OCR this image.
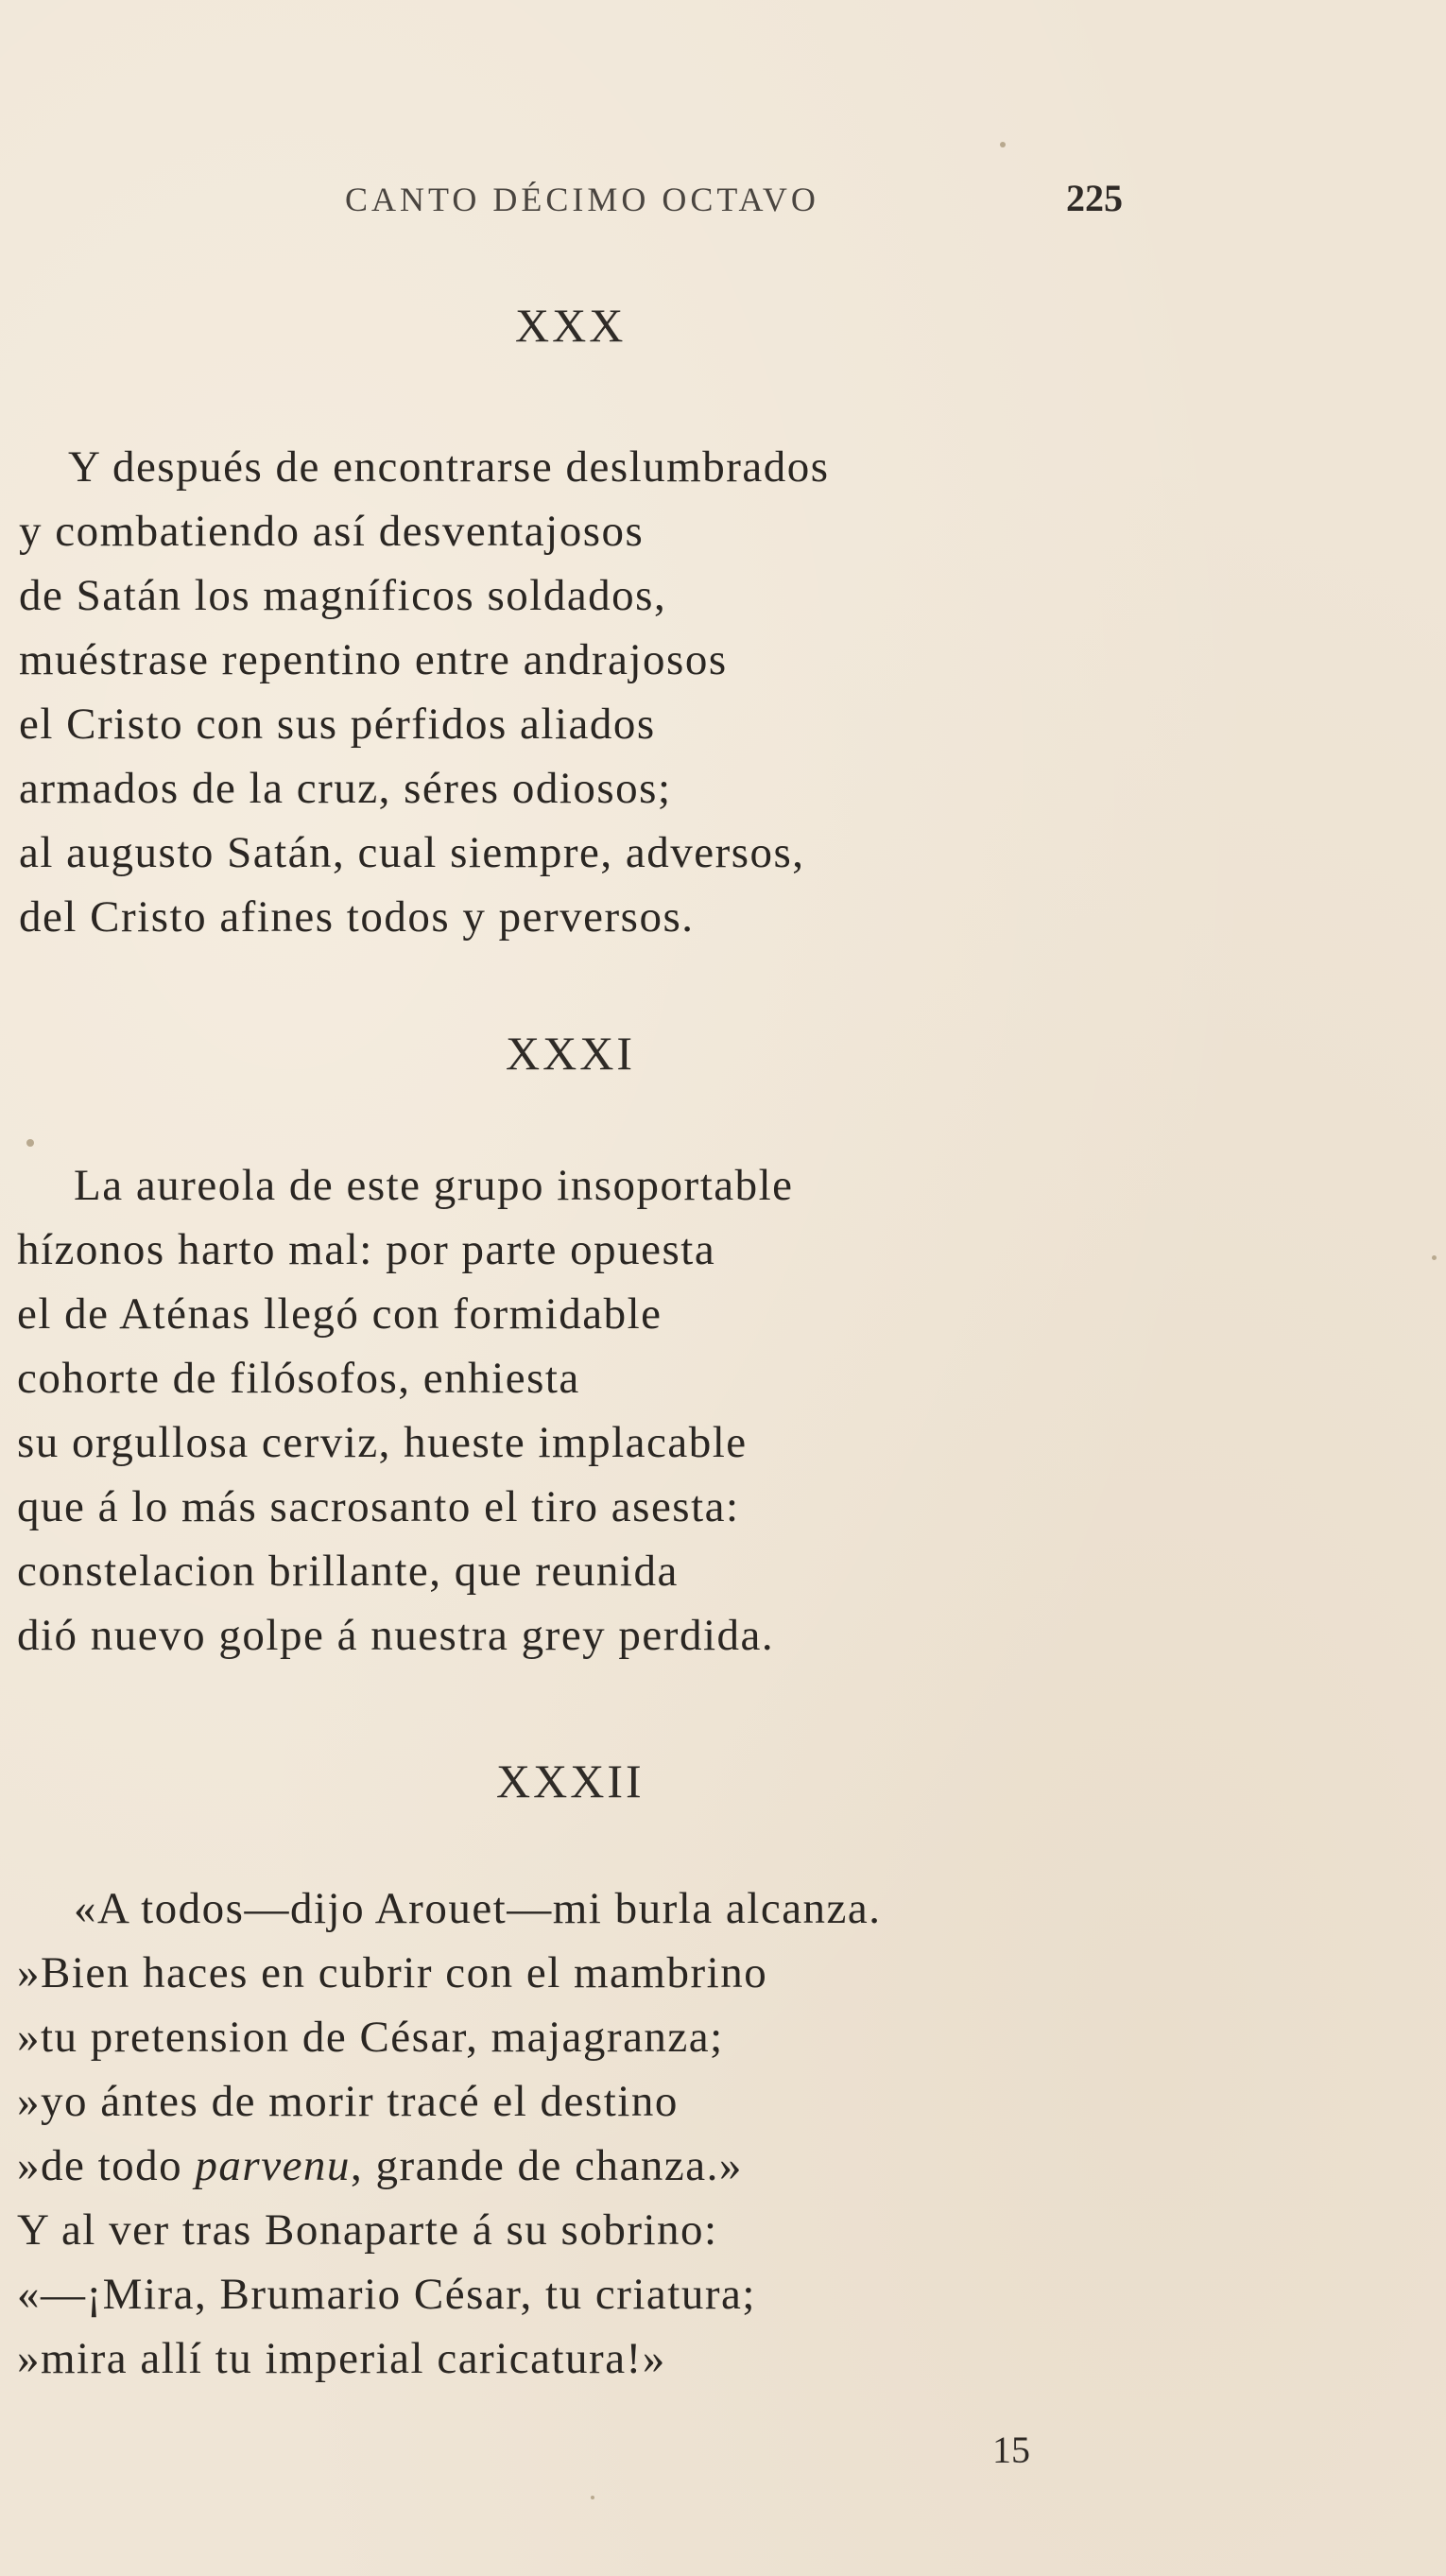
CANTO DÉCIMO OCTAVO	225
XXX
Y después de encontrarse deslumbrados
y combatiendo así desventajosos
de Satán los magníficos soldados,
muéstrase repentino entre andrajosos
el Cristo con sus pérfidos aliados
armados de la cruz, séres odiosos;
al augusto Satán, cual siempre, adversos,
del Cristo afines todos y perversos.
XXXI
La aureola de este grupo insoportable
hízonos harto mal: por parte opuesta
el de Aténas llegó con formidable
cohorte de filósofos, enhiesta
su orgullosa cerviz, hueste implacable
que á lo más sacrosanto el tiro asesta:
constelacion brillante, que reunida
dió nuevo golpe á nuestra grey perdida.
XXXII
«A todos—dijo Arouet—mi burla alcanza.
»Bien haces en cubrir con el mambrino
»tu pretension de César, majagranza;
»yo ántes de morir tracé el destino
»de todo parvenu, grande de chanza.»
Y al ver tras Bonaparte á su sobrino:
«—¡Mira, Brumario César, tu criatura;
»mira allí tu imperial caricatura!»
15
